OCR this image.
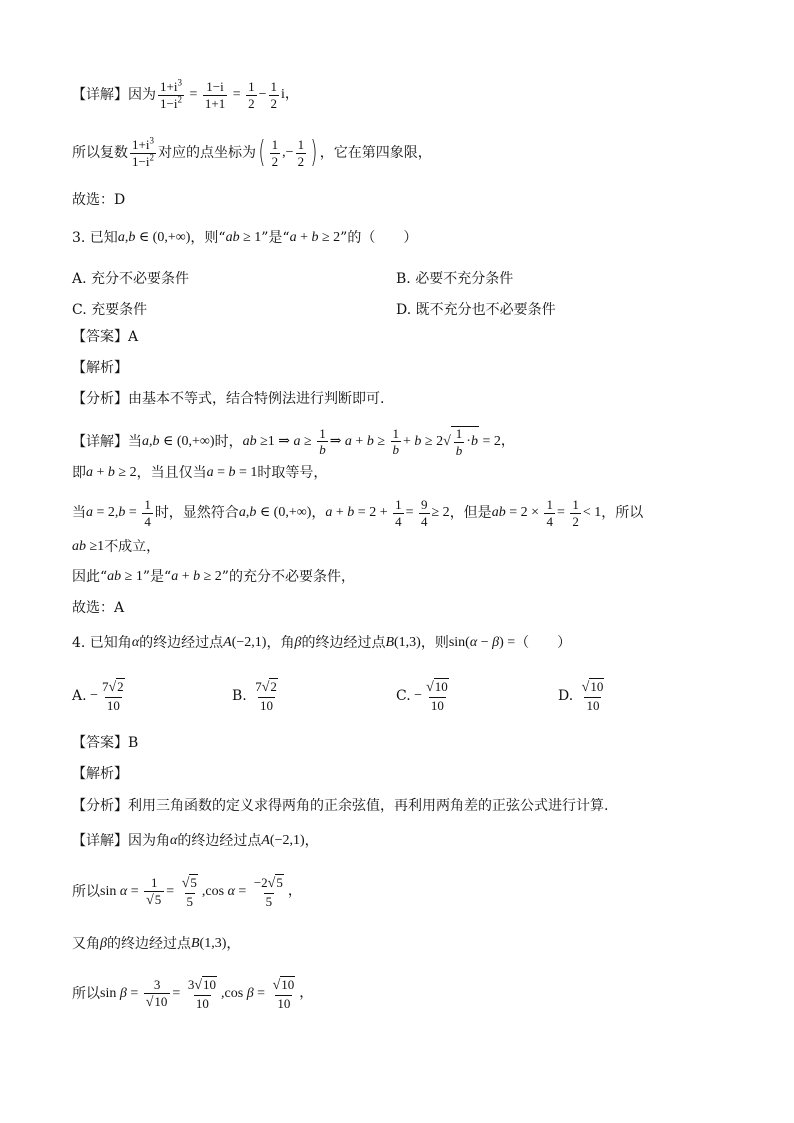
【详解】 因为 $\frac{1+i^3}{1-i^2} = \frac{1-i}{1+1} = \frac{1}{2} - \frac{1}{2}$ i，
所以复数 $\frac{1+i^3}{1-i^2}$ 对应的点坐标为 ( $\frac{1}{2}$ ,− $\frac{1}{2}$ ) ，它在第四象限，
故选：D
3. 已知 a , b ∈ (0,+∞) ，则“ ab ≥ 1 ”是“ a + b ≥ 2 ”的（　　）
A. 充分不必要条件	B. 必要不充分条件
C. 充要条件	D. 既不充分也不必要条件
【答案】 A
【解析】
【分析】 由基本不等式，结合特例法进行判断即可.
【详解】 当 a , b ∈ (0,+∞) 时， ab ≥1 ⇒ $a \ge \frac{1}{b}$ ⇒ $a + b \ge \frac{1}{b} + b \ge 2$ √ $\frac{1}{b} \cdot b = 2$，
即 a + b ≥ 2 ，当且仅当 a = b = 1 时取等号，
当 a = 2, $b = \frac{1}{4}$ 时，显然符合 a , b ∈ (0,+∞) ， $a + b = 2 + \frac{1}{4} = \frac{9}{4} \ge 2$ ，但是 ab = $2 \times \frac{1}{4} = \frac{1}{2} < 1$ ，所以
ab ≥1 不成立，
因此“ ab ≥ 1 ”是“ a + b ≥ 2 ”的充分不必要条件，
故选：A
4. 已知角 α 的终边经过点 A (−2,1) ，角 β 的终边经过点 B (1,3) ，则 sin( α − β ) = （　　）
A. − $\frac{7√2}{10}$	B.
$\frac{7√2}{10}$	C. − $\frac{√10}{10}$	D.
$\frac{√10}{10}$
【答案】 B
【解析】
【分析】 利用三角函数的定义求得两角的正余弦值，再利用两角差的正弦公式进行计算.
【详解】 因为角 α 的终边经过点 A (−2,1) ，
所以 $\sin \alpha = \frac{1}{√5} = \frac{√5}{5} ,\cos$ $\alpha = \frac{-2√5}{5}$ ，
又角 β 的终边经过点 B (1,3) ，
所以 $\sin \beta = \frac{3}{√10} = \frac{3√10}{10} ,\cos$ $\beta = \frac{√10}{10}$ ，
